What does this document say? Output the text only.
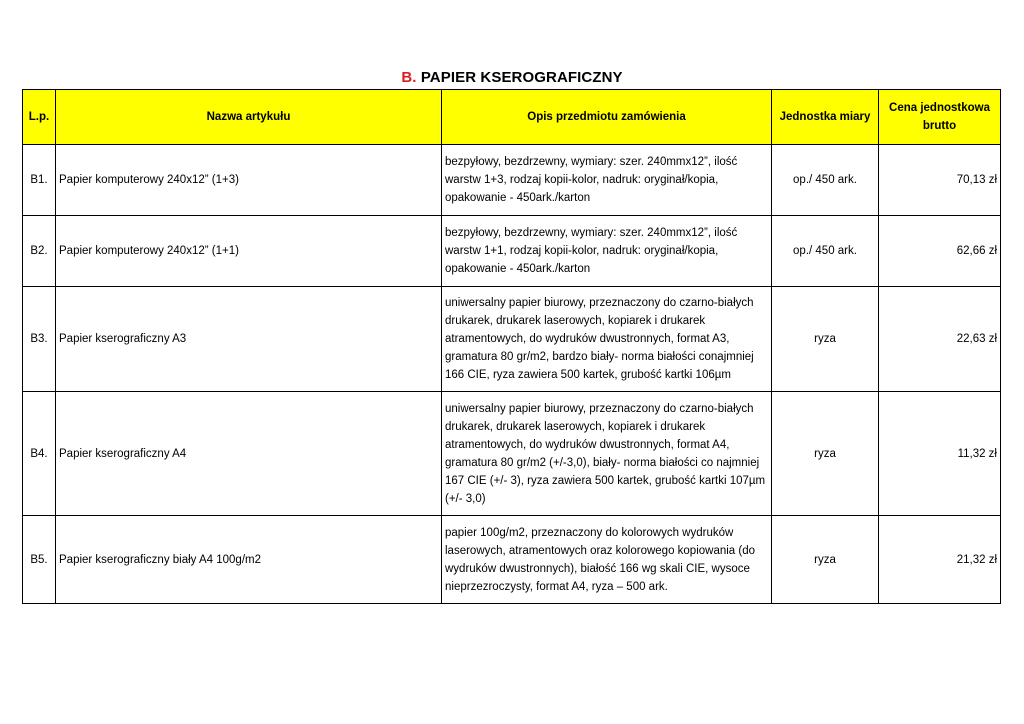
B. PAPIER KSEROGRAFICZNY
L.p.	Nazwa artykułu	Opis przedmiotu zamówienia	Jednostka miary	Cena jednostkowa brutto
B1.	Papier komputerowy 240x12” (1+3)	bezpyłowy, bezdrzewny, wymiary: szer. 240mmx12”, ilość warstw 1+3, rodzaj kopii-kolor, nadruk: oryginał/kopia, opakowanie - 450ark./karton	op./ 450 ark.	70,13 zł
B2.	Papier komputerowy 240x12” (1+1)	bezpyłowy, bezdrzewny, wymiary: szer. 240mmx12”, ilość warstw 1+1, rodzaj kopii-kolor, nadruk: oryginał/kopia, opakowanie - 450ark./karton	op./ 450 ark.	62,66 zł
B3.	Papier kserograficzny A3	uniwersalny papier biurowy, przeznaczony do czarno-białych drukarek, drukarek laserowych, kopiarek i drukarek atramentowych, do wydruków dwustronnych, format A3, gramatura 80 gr/m2, bardzo biały- norma białości conajmniej 166 CIE, ryza zawiera 500 kartek, grubość kartki 106µm	ryza	22,63 zł
B4.	Papier kserograficzny A4	uniwersalny papier biurowy, przeznaczony do czarno-białych drukarek, drukarek laserowych, kopiarek i drukarek atramentowych, do wydruków dwustronnych, format A4, gramatura 80 gr/m2 (+/-3,0), biały- norma białości co najmniej 167 CIE (+/- 3), ryza zawiera 500 kartek, grubość kartki 107µm (+/- 3,0)	ryza	11,32 zł
B5.	Papier kserograficzny biały A4 100g/m2	papier 100g/m2, przeznaczony do kolorowych wydruków laserowych, atramentowych oraz kolorowego kopiowania (do wydruków dwustronnych), białość 166 wg skali CIE, wysoce nieprzezroczysty, format A4, ryza – 500 ark.	ryza	21,32 zł
